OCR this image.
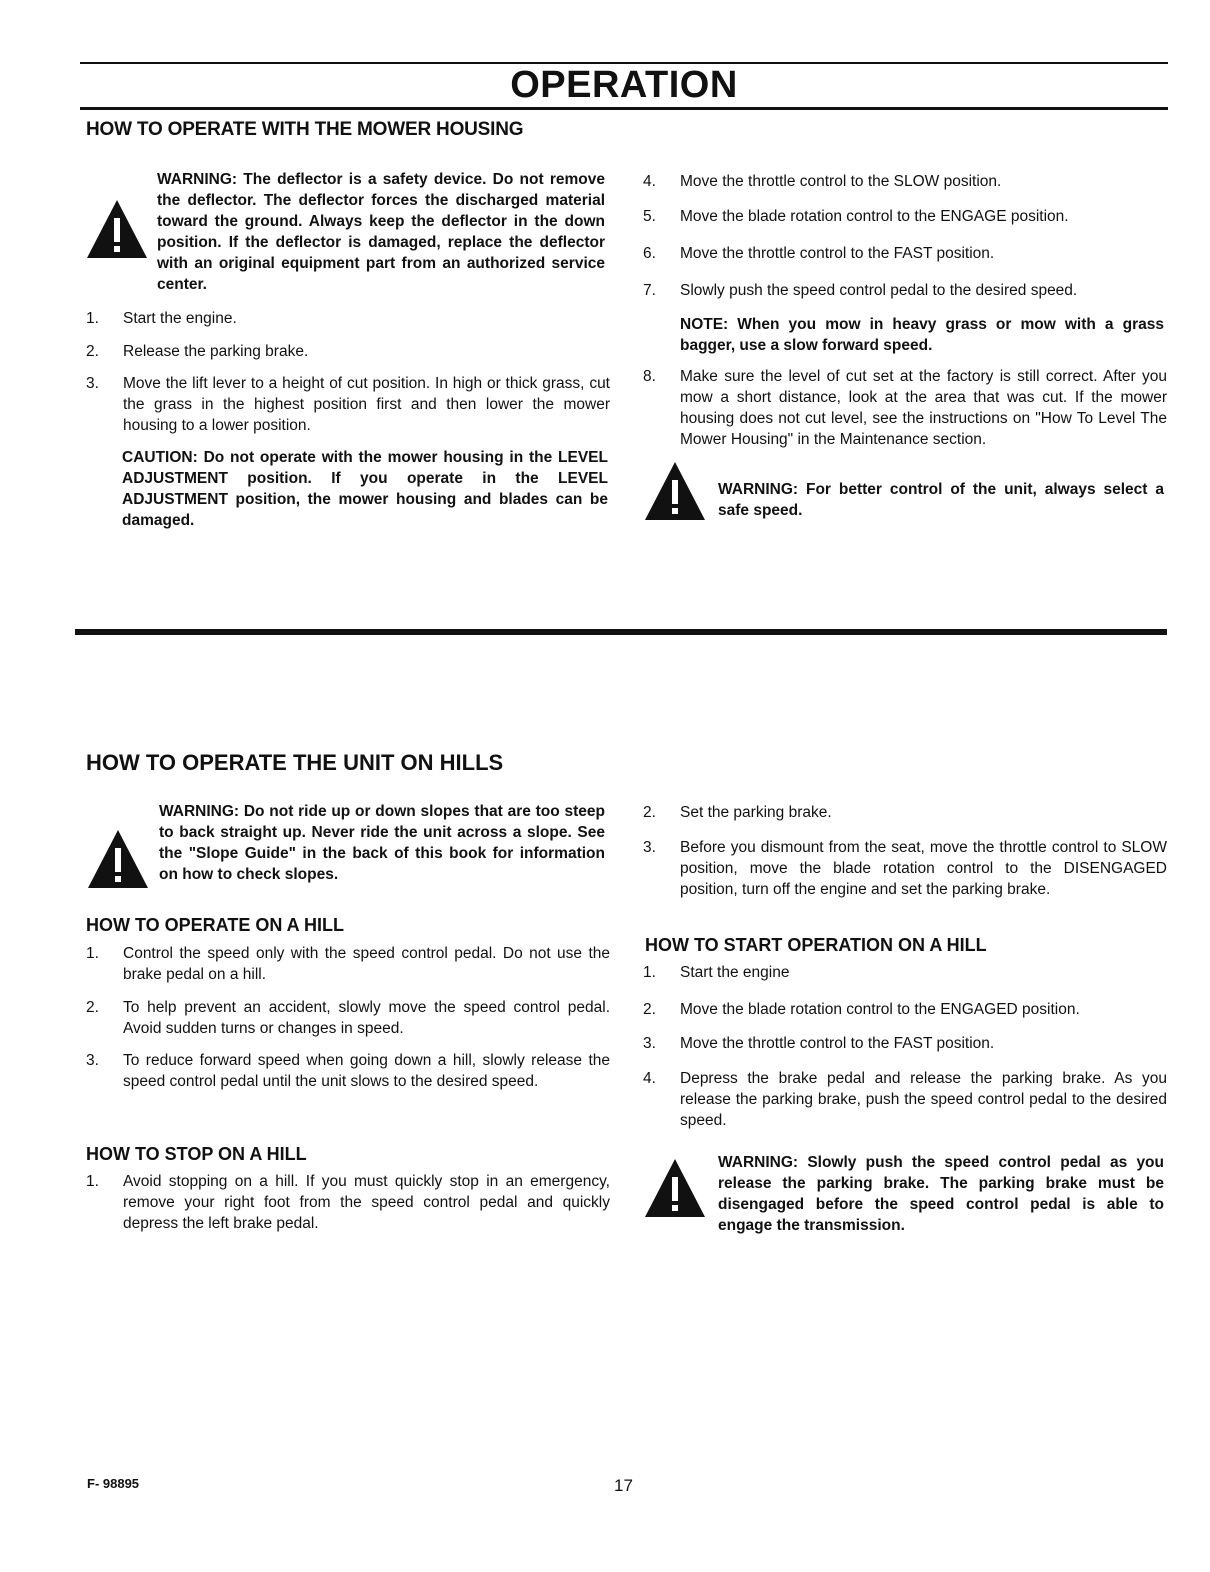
OPERATION
HOW TO OPERATE WITH THE MOWER HOUSING
WARNING: The deflector is a safety device. Do not remove the deflector. The deflector forces the discharged material toward the ground. Always keep the deflector in the down position. If the deflector is damaged, replace the deflector with an original equipment part from an authorized service center.
1.	Start the engine.
2.	Release the parking brake.
3.	Move the lift lever to a height of cut position. In high or thick grass, cut the grass in the highest position first and then lower the mower housing to a lower position.
CAUTION: Do not operate with the mower housing in the LEVEL ADJUSTMENT position. If you operate in the LEVEL ADJUSTMENT position, the mower housing and blades can be damaged.
4.	Move the throttle control to the SLOW position.
5.	Move the blade rotation control to the ENGAGE position.
6.	Move the throttle control to the FAST position.
7.	Slowly push the speed control pedal to the desired speed.
NOTE: When you mow in heavy grass or mow with a grass bagger, use a slow forward speed.
8.	Make sure the level of cut set at the factory is still correct. After you mow a short distance, look at the area that was cut. If the mower housing does not cut level, see the instructions on "How To Level The Mower Housing" in the Maintenance section.
WARNING: For better control of the unit, always select a safe speed.
HOW TO OPERATE THE UNIT ON HILLS
WARNING: Do not ride up or down slopes that are too steep to back straight up. Never ride the unit across a slope. See the "Slope Guide" in the back of this book for information on how to check slopes.
HOW TO OPERATE ON A HILL
1.	Control the speed only with the speed control pedal. Do not use the brake pedal on a hill.
2.	To help prevent an accident, slowly move the speed control pedal. Avoid sudden turns or changes in speed.
3.	To reduce forward speed when going down a hill, slowly release the speed control pedal until the unit slows to the desired speed.
HOW TO STOP ON A HILL
1.	Avoid stopping on a hill. If you must quickly stop in an emergency, remove your right foot from the speed control pedal and quickly depress the left brake pedal.
2.	Set the parking brake.
3.	Before you dismount from the seat, move the throttle control to SLOW position, move the blade rotation control to the DISENGAGED position, turn off the engine and set the parking brake.
HOW TO START OPERATION ON A HILL
1.	Start the engine
2.	Move the blade rotation control to the ENGAGED position.
3.	Move the throttle control to the FAST position.
4.	Depress the brake pedal and release the parking brake. As you release the parking brake, push the speed control pedal to the desired speed.
WARNING: Slowly push the speed control pedal as you release the parking brake. The parking brake must be disengaged before the speed control pedal is able to engage the transmission.
F- 98895	17
